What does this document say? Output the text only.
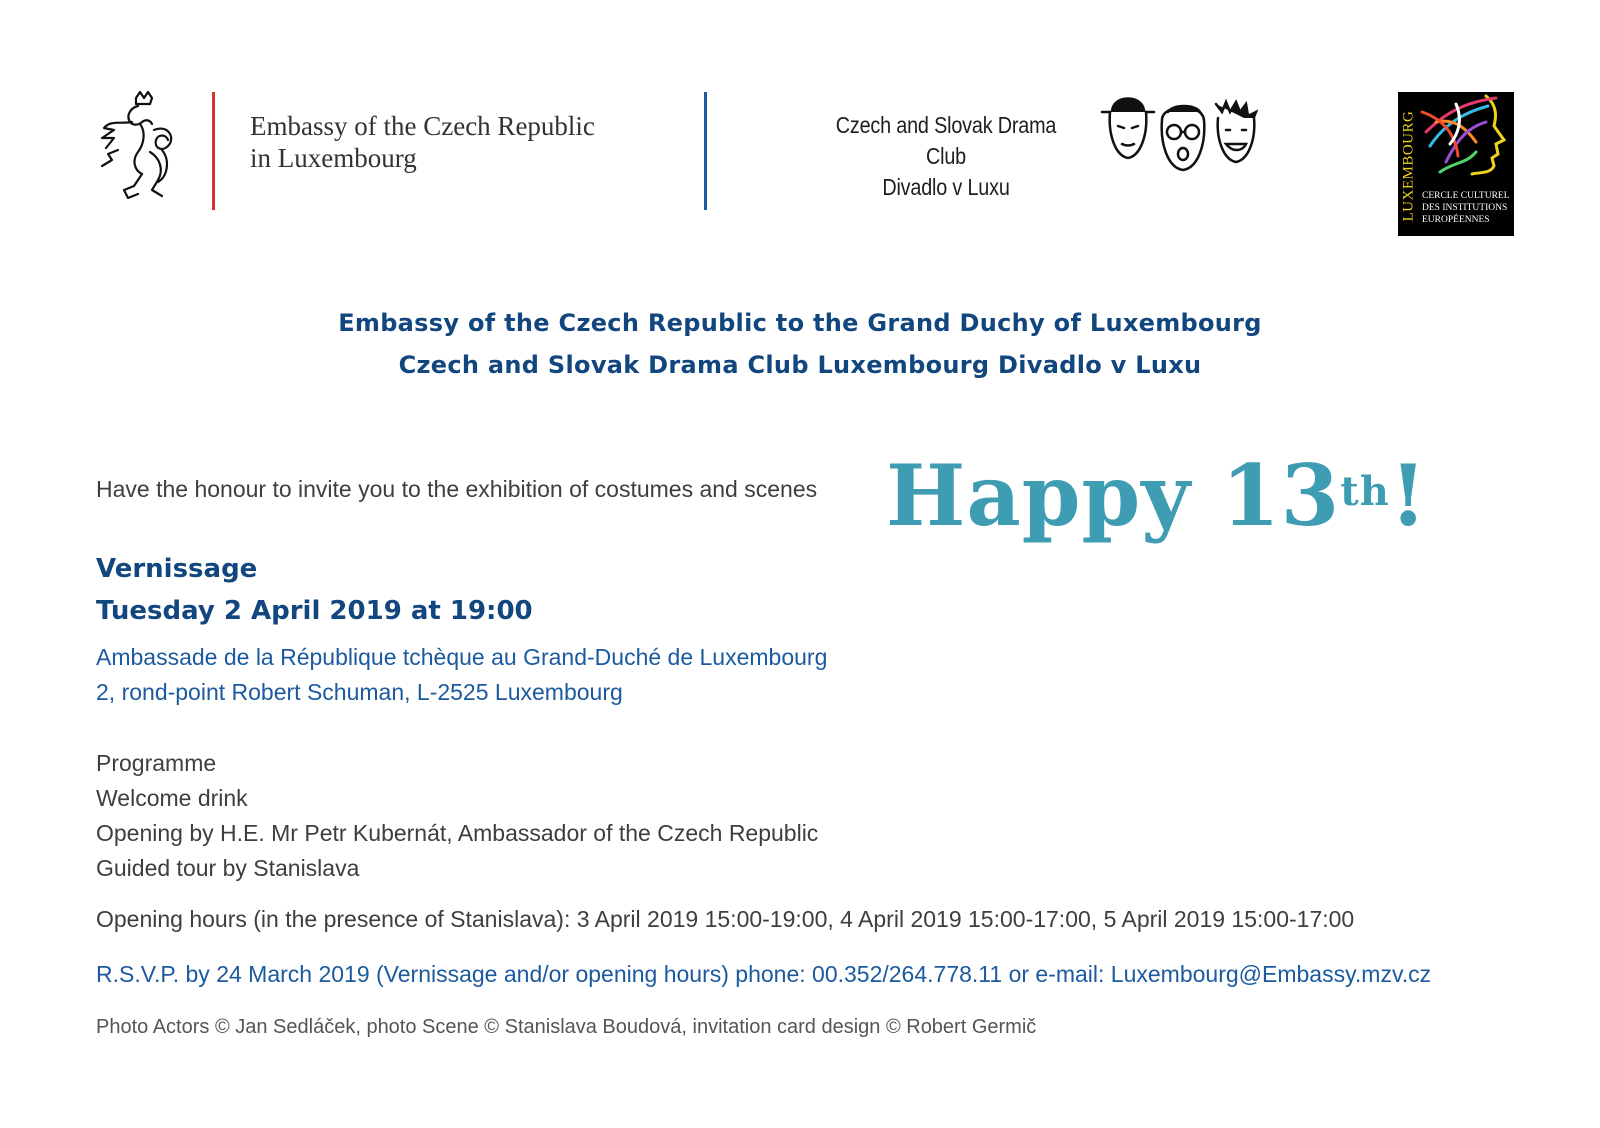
Embassy of the Czech Republic
in Luxembourg
Czech and Slovak Drama Club
Divadlo v Luxu	LUXEMBOURG CERCLE CULTUREL
DES INSTITUTIONS
EUROPÉENNES
Embassy of the Czech Republic to the Grand Duchy of Luxembourg
Czech and Slovak Drama Club Luxembourg Divadlo v Luxu
Have the honour to invite you to the exhibition of costumes and scenes Happy 13th!
Vernissage
Tuesday 2 April 2019 at 19:00
Ambassade de la République tchèque au Grand-Duché de Luxembourg
2, rond-point Robert Schuman, L-2525 Luxembourg
Programme
Welcome drink
Opening by H.E. Mr Petr Kubernát, Ambassador of the Czech Republic
Guided tour by Stanislava
Opening hours (in the presence of Stanislava): 3 April 2019 15:00-19:00, 4 April 2019 15:00-17:00, 5 April 2019 15:00-17:00
R.S.V.P. by 24 March 2019 (Vernissage and/or opening hours) phone: 00.352/264.778.11 or e-mail: Luxembourg@Embassy.mzv.cz
Photo Actors © Jan Sedláček, photo Scene © Stanislava Boudová, invitation card design © Robert Germič
